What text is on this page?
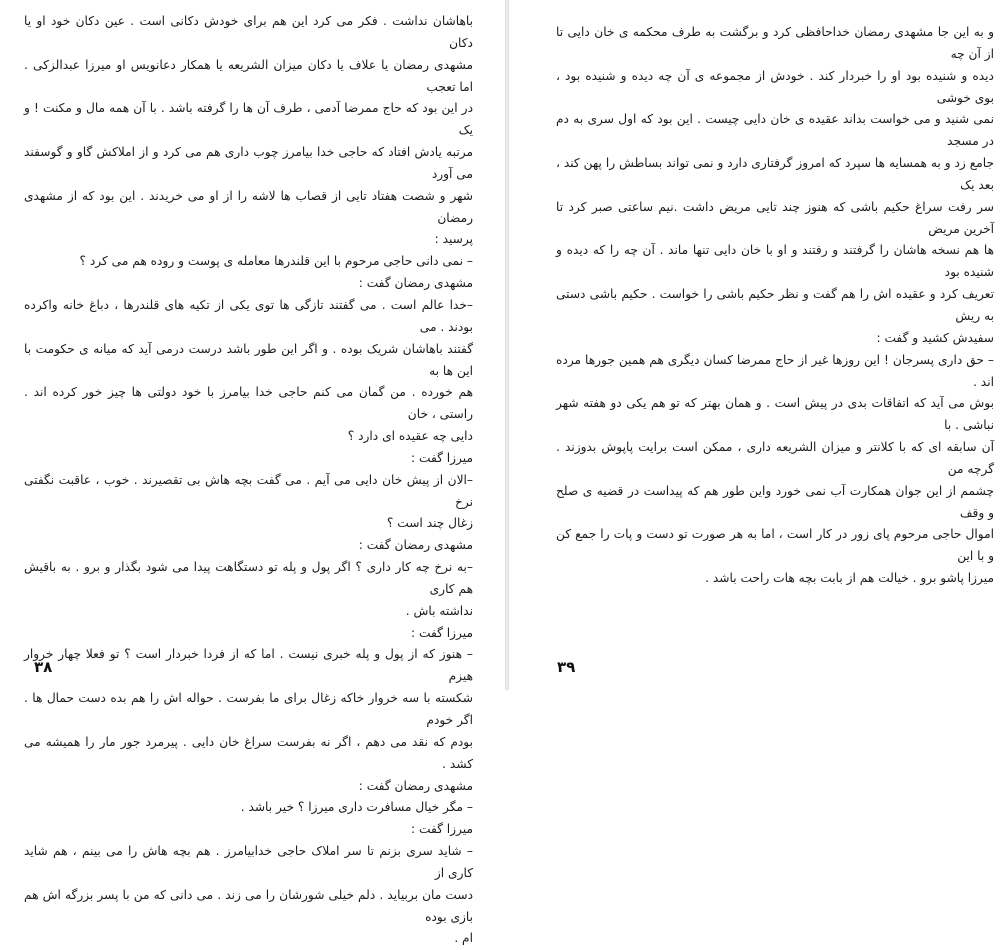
باهاشان نداشت . فکر می کرد این هم برای خودش دکانی است . عین دکان خود او یا دکان
مشهدی رمضان یا علاف یا دکان میزان الشریعه یا همکار دعانویس او میرزا عبدالزکی . اما تعجب
در این بود که حاج ممرضا آدمی ، طرف آن ها را گرفته باشد . با آن همه مال و مکنت ! و یک
مرتبه یادش افتاد که حاجی خدا بیامرز چوب داری هم می کرد و از املاکش گاو و گوسفند می آورد
شهر و شصت هفتاد تایی از قصاب ها لاشه را از او می خریدند . این بود که از مشهدی رمضان
پرسید :
– نمی دانی حاجی مرحوم با این قلندرها معامله ی پوست و روده هم می کرد ؟
مشهدی رمضان گفت :
–خدا عالم است . می گفتند تازگی ها توی یکی از تکیه های قلندرها ، دباغ خانه واکرده بودند . می
گفتند باهاشان شریک بوده . و اگر این طور باشد درست درمی آید که میانه ی حکومت با این ها به
هم خورده . من گمان می کنم حاجی خدا بیامرز با خود دولتی ها چیز خور کرده اند . راستی ، خان
دایی چه عقیده ای دارد ؟
میرزا گفت :
–الان از پیش خان دایی می آیم . می گفت بچه هاش بی تقصیرند . خوب ، عاقبت نگفتی نرخ
زغال چند است ؟
مشهدی رمضان گفت :
–به نرخ چه کار داری ؟ اگر پول و پله تو دستگاهت پیدا می شود بگذار و برو . به باقیش هم کاری
نداشته باش .
میرزا گفت :
– هنوز که از پول و پله خبری نیست . اما که از فردا خبردار است ؟ تو فعلا چهار خروار هیزم
شکسته با سه خروار خاکه زغال برای ما بفرست . حواله اش را هم بده دست حمال ها . اگر خودم
بودم که نقد می دهم ، اگر نه بفرست سراغ خان دایی . پیرمرد جور مار را همیشه می کشد .
مشهدی رمضان گفت :
– مگر خیال مسافرت داری میرزا ؟ خیر باشد .
میرزا گفت :
– شاید سری بزنم تا سر املاک حاجی خدابیامرز . هم بچه هاش را می بینم ، هم شاید کاری از
دست مان بربیاید . دلم خیلی شورشان را می زند . می دانی که من با پسر بزرگه اش هم بازی بوده
ام .
۳۸
و به این جا مشهدی رمضان خداحافظی کرد و برگشت به طرف محکمه ی خان دایی تا از آن چه
دیده و شنیده بود او را خبردار کند . خودش از مجموعه ی آن چه دیده و شنیده بود ، بوی خوشی
نمی شنید و می خواست بداند عقیده ی خان دایی چیست . این بود که اول سری به دم در مسجد
جامع زد و به همسایه ها سپرد که امروز گرفتاری دارد و نمی تواند بساطش را پهن کند ، بعد یک
سر رفت سراغ حکیم باشی که هنوز چند تایی مریض داشت .نیم ساعتی صبر کرد تا آخرین مریض
ها هم نسخه هاشان را گرفتند و رفتند و او با خان دایی تنها ماند . آن چه را که دیده و شنیده بود
تعریف کرد و عقیده اش را هم گفت و نظر حکیم باشی را خواست . حکیم باشی دستی به ریش
سفیدش کشید و گفت :
– حق داری پسرجان ! این روزها غیر از حاج ممرضا کسان دیگری هم همین جورها مرده اند .
بوش می آید که اتفاقات بدی در پیش است . و همان بهتر که تو هم یکی دو هفته شهر نباشی . با
آن سابقه ای که با کلانتر و میزان الشریعه داری ، ممکن است برایت پاپوش بدوزند . گرچه من
چشمم از این جوان همکارت آب نمی خورد واین طور هم که پیداست در قضیه ی صلح و وقف
اموال حاجی مرحوم پای زور در کار است ، اما به هر صورت تو دست و پات را جمع کن و با این
میرزا پاشو برو . خیالت هم از بابت بچه هات راحت باشد .
۳۹
